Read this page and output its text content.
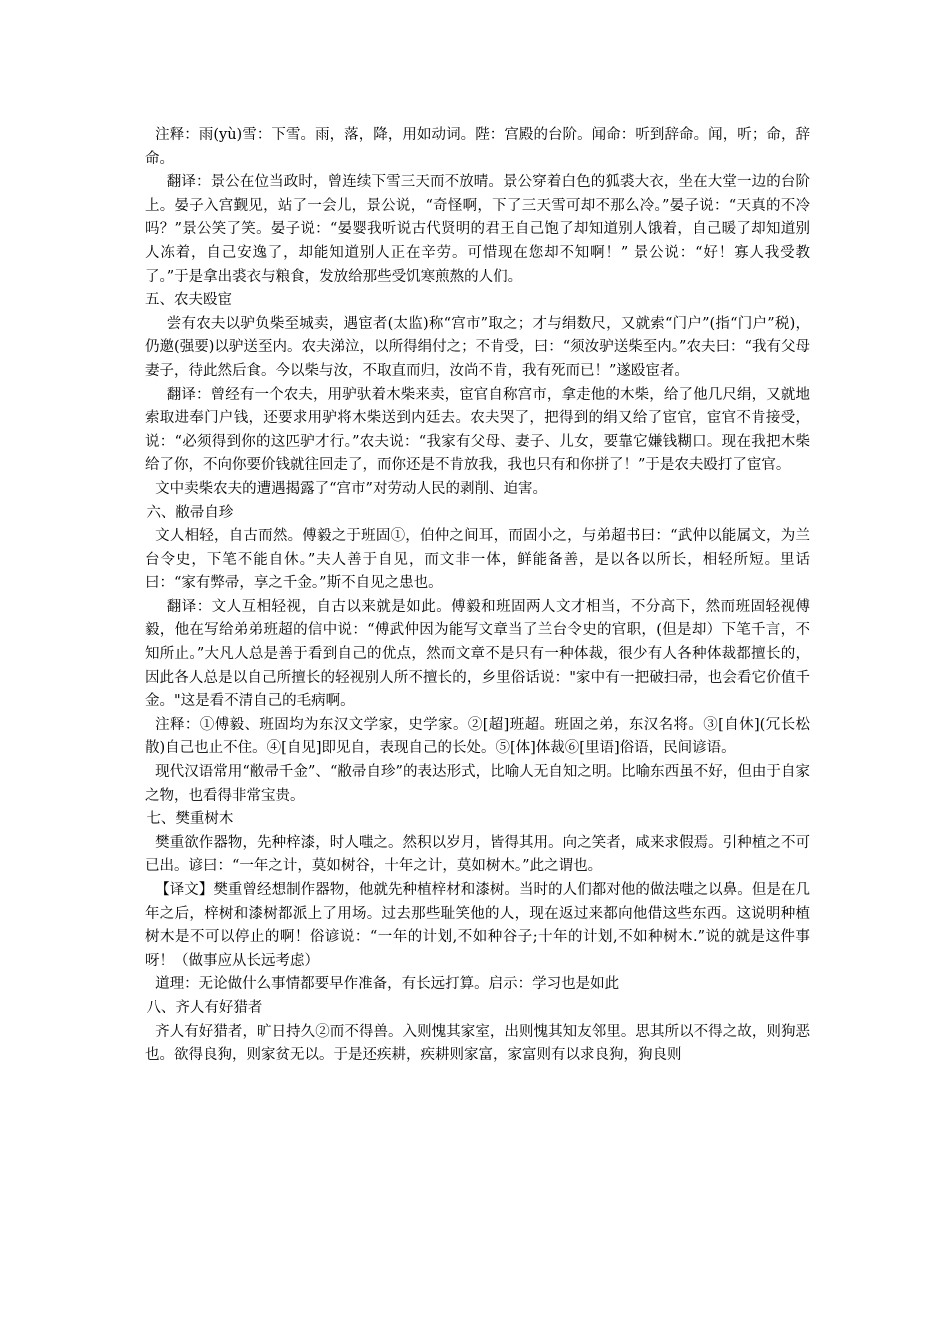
注释：雨(yù)雪：下雪。雨，落，降，用如动词。陛：宫殿的台阶。闻命：听到辞命。闻，听；命，辞命。

翻译：景公在位当政时，曾连续下雪三天而不放晴。景公穿着白色的狐裘大衣，坐在大堂一边的台阶上。晏子入宫觐见，站了一会儿，景公说，“奇怪啊，下了三天雪可却不那么冷。”晏子说：“天真的不冷吗？”景公笑了笑。晏子说：“晏婴我听说古代贤明的君王自己饱了却知道别人饿着，自己暖了却知道别人冻着，自己安逸了，却能知道别人正在辛劳。可惜现在您却不知啊！” 景公说：“好！寡人我受教了。”于是拿出裘衣与粮食，发放给那些受饥寒煎熬的人们。

五、农夫殴宦

尝有农夫以驴负柴至城卖，遇宦者(太监)称“宫市”取之；才与绢数尺，又就索“门户”(指“门户”税)，仍邀(强要)以驴送至内。农夫涕泣，以所得绢付之；不肯受，曰：“须汝驴送柴至内。”农夫曰：“我有父母妻子，待此然后食。今以柴与汝，不取直而归，汝尚不肯，我有死而已！”遂殴宦者。

翻译：曾经有一个农夫，用驴驮着木柴来卖，宦官自称宫市，拿走他的木柴，给了他几尺绢，又就地索取进奉门户钱，还要求用驴将木柴送到内廷去。农夫哭了，把得到的绢又给了宦官，宦官不肯接受，说：“必须得到你的这匹驴才行。”农夫说：“我家有父母、妻子、儿女，要靠它嫌钱糊口。现在我把木柴给了你，不向你要价钱就往回走了，而你还是不肯放我，我也只有和你拼了！”于是农夫殴打了宦官。

文中卖柴农夫的遭遇揭露了“宫市”对劳动人民的剥削、迫害。

六、敝帚自珍

文人相轻，自古而然。傅毅之于班固①，伯仲之间耳，而固小之，与弟超书曰：“武仲以能属文，为兰台令史，下笔不能自休。”夫人善于自见，而文非一体，鲜能备善，是以各以所长，相轻所短。里话曰：“家有弊帚，享之千金。”斯不自见之患也。

翻译：文人互相轻视，自古以来就是如此。傅毅和班固两人文才相当，不分高下，然而班固轻视傅毅，他在写给弟弟班超的信中说：“傅武仲因为能写文章当了兰台令史的官职，(但是却）下笔千言，不知所止。”大凡人总是善于看到自己的优点，然而文章不是只有一种体裁，很少有人各种体裁都擅长的，因此各人总是以自己所擅长的轻视别人所不擅长的，乡里俗话说："家中有一把破扫帚，也会看它价值千金。"这是看不清自己的毛病啊。

注释：①傅毅、班固均为东汉文学家，史学家。②[超]班超。班固之弟，东汉名将。③[自休](冗长松散)自己也止不住。④[自见]即见自，表现自己的长处。⑤[体]体裁⑥[里语]俗语，民间谚语。

现代汉语常用“敝帚千金”、“敝帚自珍”的表达形式，比喻人无自知之明。比喻东西虽不好，但由于自家之物，也看得非常宝贵。

七、樊重树木

樊重欲作器物，先种梓漆，时人嗤之。然积以岁月，皆得其用。向之笑者，咸来求假焉。引种植之不可已出。谚曰：“一年之计，莫如树谷，十年之计，莫如树木。”此之谓也。

【译文】樊重曾经想制作器物，他就先种植梓材和漆树。当时的人们都对他的做法嗤之以鼻。但是在几年之后，梓树和漆树都派上了用场。过去那些耻笑他的人，现在返过来都向他借这些东西。这说明种植树木是不可以停止的啊！俗谚说：“一年的计划,不如种谷子;十年的计划,不如种树木.”说的就是这件事呀！（做事应从长远考虑）

道理：无论做什么事情都要早作准备，有长远打算。启示：学习也是如此

八、齐人有好猎者

齐人有好猎者，旷日持久②而不得兽。入则愧其家室，出则愧其知友邻里。思其所以不得之故，则狗恶也。欲得良狗，则家贫无以。于是还疾耕，疾耕则家富，家富则有以求良狗，狗良则
